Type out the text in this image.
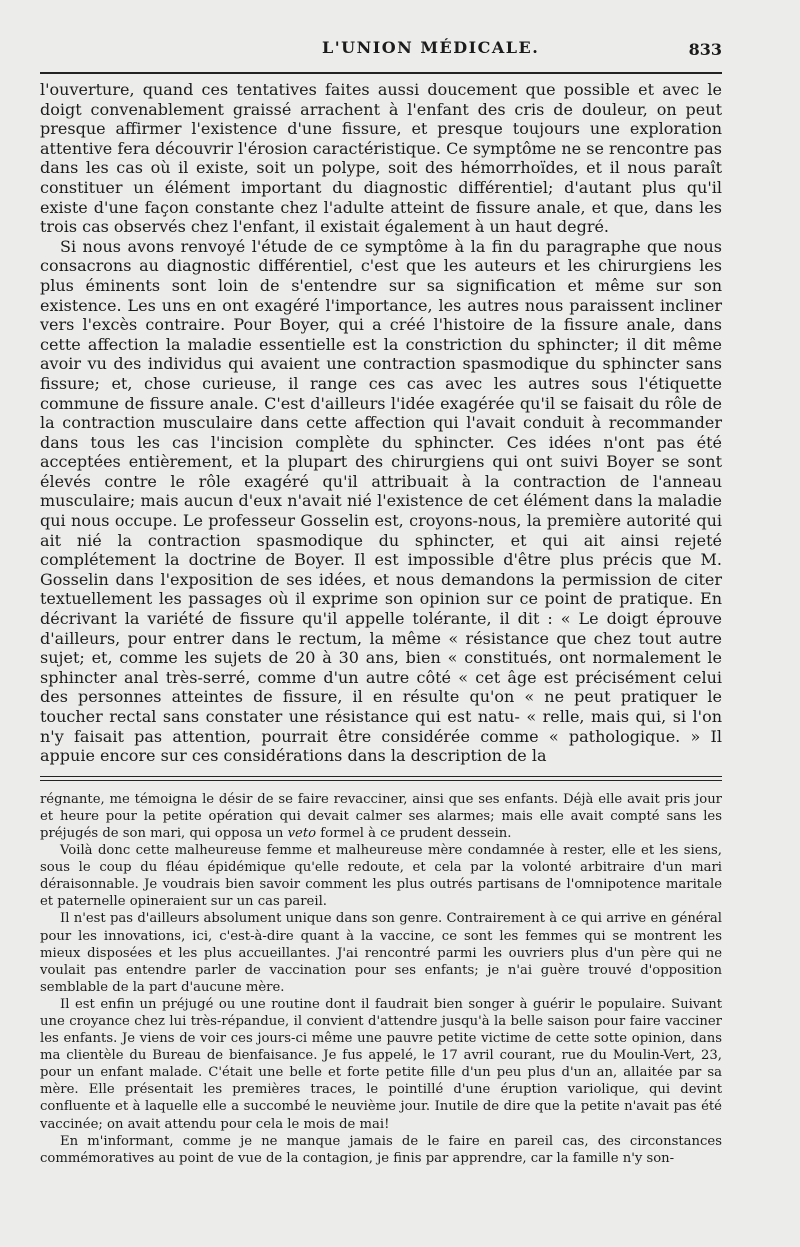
L'UNION MÉDICALE.	833

l'ouverture, quand ces tentatives faites aussi doucement que possible et avec le doigt convenablement graissé arrachent à l'enfant des cris de douleur, on peut presque affirmer l'existence d'une fissure, et presque toujours une exploration attentive fera découvrir l'érosion caractéristique. Ce symptôme ne se rencontre pas dans les cas où il existe, soit un polype, soit des hémorrhoïdes, et il nous paraît constituer un élément important du diagnostic différentiel; d'autant plus qu'il existe d'une façon constante chez l'adulte atteint de fissure anale, et que, dans les trois cas observés chez l'enfant, il existait également à un haut degré.

Si nous avons renvoyé l'étude de ce symptôme à la fin du paragraphe que nous consacrons au diagnostic différentiel, c'est que les auteurs et les chirurgiens les plus éminents sont loin de s'entendre sur sa signification et même sur son existence. Les uns en ont exagéré l'importance, les autres nous paraissent incliner vers l'excès contraire. Pour Boyer, qui a créé l'histoire de la fissure anale, dans cette affection la maladie essentielle est la constriction du sphincter; il dit même avoir vu des individus qui avaient une contraction spasmodique du sphincter sans fissure; et, chose curieuse, il range ces cas avec les autres sous l'étiquette commune de fissure anale. C'est d'ailleurs l'idée exagérée qu'il se faisait du rôle de la contraction musculaire dans cette affection qui l'avait conduit à recommander dans tous les cas l'incision complète du sphincter. Ces idées n'ont pas été acceptées entièrement, et la plupart des chirurgiens qui ont suivi Boyer se sont élevés contre le rôle exagéré qu'il attribuait à la contraction de l'anneau musculaire; mais aucun d'eux n'avait nié l'existence de cet élément dans la maladie qui nous occupe. Le professeur Gosselin est, croyons-nous, la première autorité qui ait nié la contraction spasmodique du sphincter, et qui ait ainsi rejeté complétement la doctrine de Boyer. Il est impossible d'être plus précis que M. Gosselin dans l'exposition de ses idées, et nous demandons la permission de citer textuellement les passages où il exprime son opinion sur ce point de pratique. En décrivant la variété de fissure qu'il appelle tolérante, il dit : « Le doigt éprouve d'ailleurs, pour entrer dans le rectum, la même « résistance que chez tout autre sujet; et, comme les sujets de 20 à 30 ans, bien « constitués, ont normalement le sphincter anal très-serré, comme d'un autre côté « cet âge est précisément celui des personnes atteintes de fissure, il en résulte qu'on « ne peut pratiquer le toucher rectal sans constater une résistance qui est natu- « relle, mais qui, si l'on n'y faisait pas attention, pourrait être considérée comme « pathologique. » Il appuie encore sur ces considérations dans la description de la

régnante, me témoigna le désir de se faire revacciner, ainsi que ses enfants. Déjà elle avait pris jour et heure pour la petite opération qui devait calmer ses alarmes; mais elle avait compté sans les préjugés de son mari, qui opposa un veto formel à ce prudent dessein.

Voilà donc cette malheureuse femme et malheureuse mère condamnée à rester, elle et les siens, sous le coup du fléau épidémique qu'elle redoute, et cela par la volonté arbitraire d'un mari déraisonnable. Je voudrais bien savoir comment les plus outrés partisans de l'omnipotence maritale et paternelle opineraient sur un cas pareil.

Il n'est pas d'ailleurs absolument unique dans son genre. Contrairement à ce qui arrive en général pour les innovations, ici, c'est-à-dire quant à la vaccine, ce sont les femmes qui se montrent les mieux disposées et les plus accueillantes. J'ai rencontré parmi les ouvriers plus d'un père qui ne voulait pas entendre parler de vaccination pour ses enfants; je n'ai guère trouvé d'opposition semblable de la part d'aucune mère.

Il est enfin un préjugé ou une routine dont il faudrait bien songer à guérir le populaire. Suivant une croyance chez lui très-répandue, il convient d'attendre jusqu'à la belle saison pour faire vacciner les enfants. Je viens de voir ces jours-ci même une pauvre petite victime de cette sotte opinion, dans ma clientèle du Bureau de bienfaisance. Je fus appelé, le 17 avril courant, rue du Moulin-Vert, 23, pour un enfant malade. C'était une belle et forte petite fille d'un peu plus d'un an, allaitée par sa mère. Elle présentait les premières traces, le pointillé d'une éruption variolique, qui devint confluente et à laquelle elle a succombé le neuvième jour. Inutile de dire que la petite n'avait pas été vaccinée; on avait attendu pour cela le mois de mai!

En m'informant, comme je ne manque jamais de le faire en pareil cas, des circonstances commémoratives au point de vue de la contagion, je finis par apprendre, car la famille n'y son-
